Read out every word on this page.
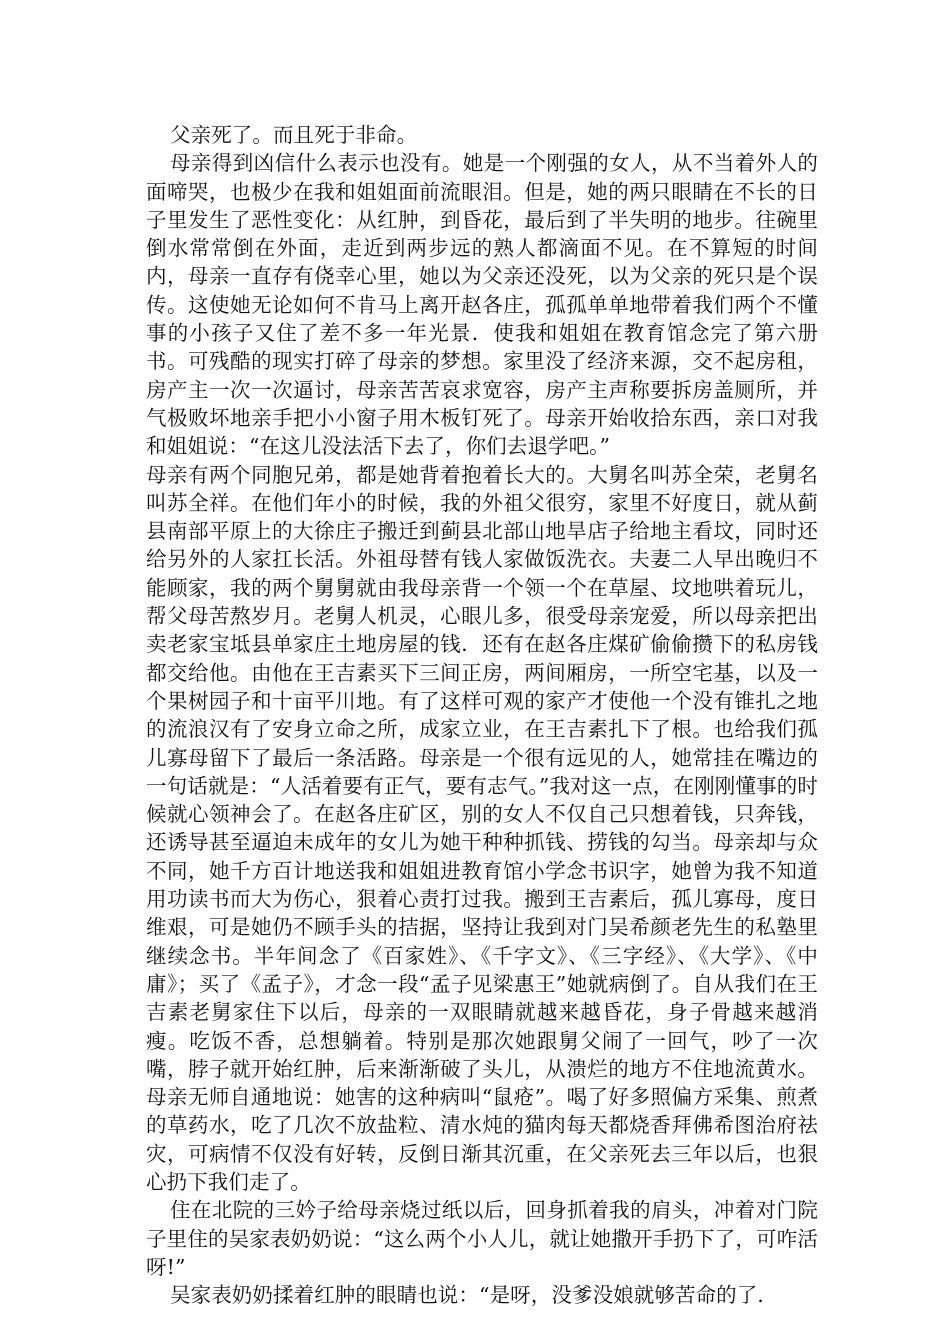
父亲死了。而且死于非命。

母亲得到凶信什么表示也没有。她是一个刚强的女人，从不当着外人的面啼哭，也极少在我和姐姐面前流眼泪。但是，她的两只眼睛在不长的日子里发生了恶性变化：从红肿，到昏花，最后到了半失明的地步。往碗里倒水常常倒在外面，走近到两步远的熟人都滴面不见。在不算短的时间内，母亲一直存有侥幸心里，她以为父亲还没死，以为父亲的死只是个误传。这使她无论如何不肯马上离开赵各庄，孤孤单单地带着我们两个不懂事的小孩子又住了差不多一年光景．使我和姐姐在教育馆念完了第六册书。可残酷的现实打碎了母亲的梦想。家里没了经济来源，交不起房租，房产主一次一次逼讨，母亲苦苦哀求宽容，房产主声称要拆房盖厕所，并气极败坏地亲手把小小窗子用木板钉死了。母亲开始收拾东西，亲口对我和姐姐说：“在这儿没法活下去了，你们去退学吧。”

母亲有两个同胞兄弟，都是她背着抱着长大的。大舅名叫苏全荣，老舅名叫苏全祥。在他们年小的时候，我的外祖父很穷，家里不好度日，就从蓟县南部平原上的大徐庄子搬迁到蓟县北部山地旱店子给地主看坟，同时还给另外的人家扛长活。外祖母替有钱人家做饭洗衣。夫妻二人早出晚归不能顾家，我的两个舅舅就由我母亲背一个领一个在草屋、坟地哄着玩儿，帮父母苦熬岁月。老舅人机灵，心眼儿多，很受母亲宠爱，所以母亲把出卖老家宝坻县单家庄土地房屋的钱．还有在赵各庄煤矿偷偷攒下的私房钱都交给他。由他在王吉素买下三间正房，两间厢房，一所空宅基，以及一个果树园子和十亩平川地。有了这样可观的家产才使他一个没有锥扎之地的流浪汉有了安身立命之所，成家立业，在王吉素扎下了根。也给我们孤儿寡母留下了最后一条活路。母亲是一个很有远见的人，她常挂在嘴边的一句话就是：“人活着要有正气，要有志气。”我对这一点，在刚刚懂事的时候就心领神会了。在赵各庄矿区，别的女人不仅自己只想着钱，只奔钱，还诱导甚至逼迫未成年的女儿为她干种种抓钱、捞钱的勾当。母亲却与众不同，她千方百计地送我和姐姐进教育馆小学念书识字，她曾为我不知道用功读书而大为伤心，狠着心责打过我。搬到王吉素后，孤儿寡母，度日维艰，可是她仍不顾手头的拮据，坚持让我到对门吴希颜老先生的私塾里继续念书。半年间念了《百家姓》、《千字文》、《三字经》、《大学》、《中庸》；买了《孟子》，才念一段“孟子见梁惠王”她就病倒了。自从我们在王吉素老舅家住下以后，母亲的一双眼睛就越来越昏花，身子骨越来越消瘦。吃饭不香，总想躺着。特别是那次她跟舅父闹了一回气，吵了一次嘴，脖子就开始红肿，后来渐渐破了头儿，从溃烂的地方不住地流黄水。母亲无师自通地说：她害的这种病叫“鼠疮”。喝了好多照偏方采集、煎煮的草药水，吃了几次不放盐粒、清水炖的猫肉每天都烧香拜佛希图治府祛灾，可病情不仅没有好转，反倒日渐其沉重，在父亲死去三年以后，也狠心扔下我们走了。

住在北院的三妗子给母亲烧过纸以后，回身抓着我的肩头，冲着对门院子里住的吴家表奶奶说：“这么两个小人儿，就让她撒开手扔下了，可咋活呀!”

吴家表奶奶揉着红肿的眼睛也说：“是呀，没爹没娘就够苦命的了．
